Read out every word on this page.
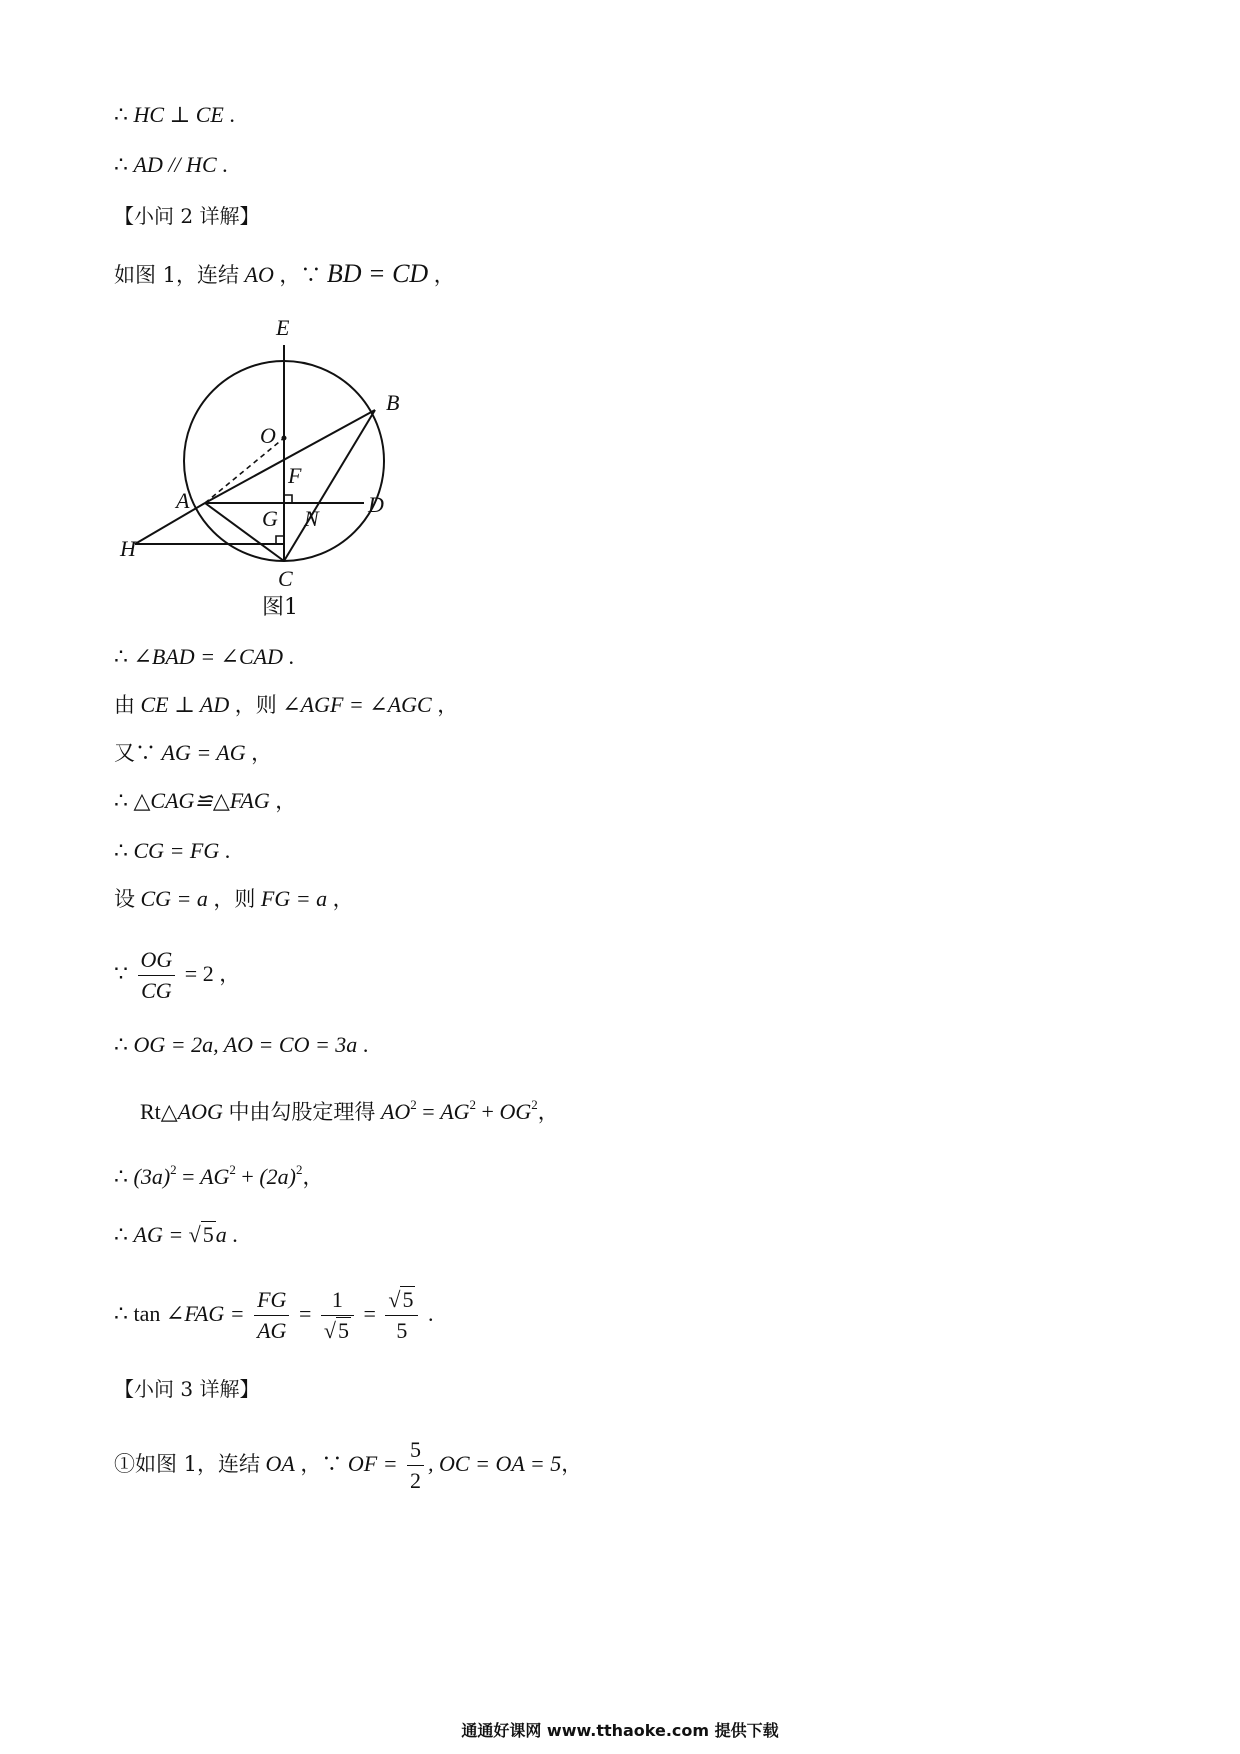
∴ HC ⊥ CE .
∴ AD // HC .
【小问 2 详解】
如图 1，连结 AO ，∵ BD = CD ，
E
B
O
F
A
G N
D
H
C
图1
∴ ∠BAD = ∠CAD .
由 CE ⊥ AD ，则 ∠AGF = ∠AGC ，
又∵ AG = AG ，
∴ △CAG≌△FAG ，
∴ CG = FG .
设 CG = a ，则 FG = a ，
∵ $\frac{OG}{CG} = 2$ ，
∴ OG = 2a, AO = CO = 3a .
Rt△AOG 中由勾股定理得 $AO^2 = AG^2 + OG^2$，
∴ $(3a)^2 = AG^2 + (2a)^2$，
∴ AG = √5a .
∴ tan ∠FAG = $\frac{FG}{AG} = \frac{1}{√5} = \frac{√5}{5}$ .
【小问 3 详解】
①如图 1，连结 OA ，∵ OF = $\frac{5}{2}$ , OC = OA = 5，
通通好课网 www.tthaoke.com 提供下载
